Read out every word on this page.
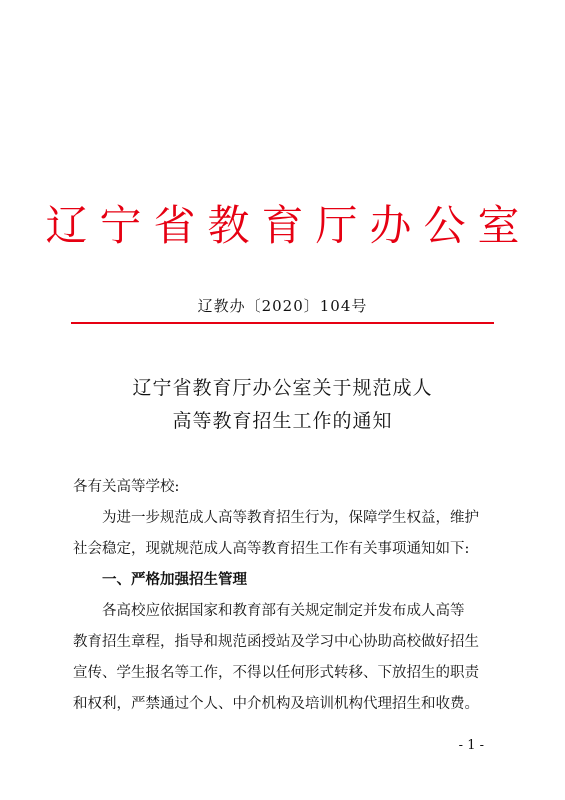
辽宁省教育厅办公室
辽教办〔2020〕104号
辽宁省教育厅办公室关于规范成人
高等教育招生工作的通知
各有关高等学校:
为进一步规范成人高等教育招生行为，保障学生权益，维护
社会稳定，现就规范成人高等教育招生工作有关事项通知如下:
一、严格加强招生管理
各高校应依据国家和教育部有关规定制定并发布成人高等
教育招生章程，指导和规范函授站及学习中心协助高校做好招生
宣传、学生报名等工作，不得以任何形式转移、下放招生的职责
和权利，严禁通过个人、中介机构及培训机构代理招生和收费。
- 1 -
